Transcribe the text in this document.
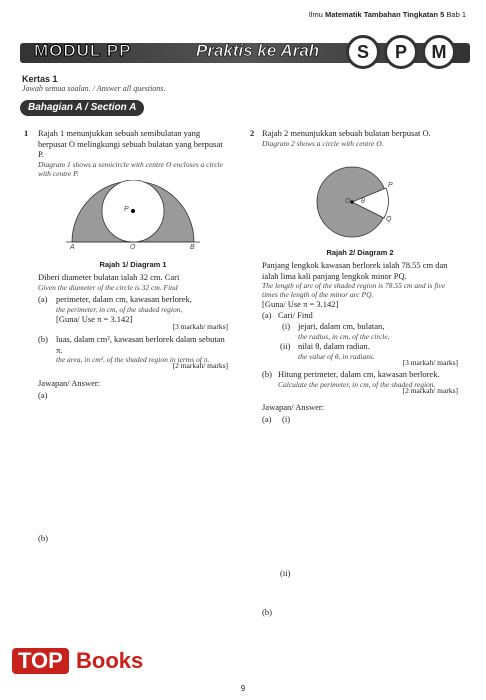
Ilmu Matematik Tambahan Tingkatan 5 Bab 1
MODUL PP	Praktis ke Arah	S	P	M
Kertas 1
Jawab semua soalan. / Answer all questions.
Bahagian A / Section A
1	Rajah 1 menunjukkan sebuah semibulatan yang berpusat O melingkungi sebuah bulatan yang berpusat P.
Diagram 1 shows a semicircle with centre O encloses a circle with centre P.
P
A	O	B
Rajah 1/ Diagram 1
Diberi diameter bulatan ialah 32 cm. Cari
Given the diameter of the circle is 32 cm. Find
(a)	perimeter, dalam cm, kawasan berlorek,
the perimeter, in cm, of the shaded region,
[Guna/ Use π = 3.142]
[3 markah/ marks]
(b) luas, dalam cm², kawasan berlorek dalam sebutan π.
the area, in cm², of the shaded region in terms of π.
[2 markah/ marks]
Jawapan/ Answer:
(a)
(b)
2 Rajah 2 menunjukkan sebuah bulatan berpusat O.
Diagram 2 shows a circle with centre O.
O θ
P
Q
Rajah 2/ Diagram 2
Panjang lengkok kawasan berlorek ialah 78.55 cm dan ialah lima kali panjang lengkok minor PQ.
The length of arc of the shaded region is 78.55 cm and is five times the length of the minor arc PQ.
[Guna/ Use π = 3.142]
(a) Cari/ Find
(i) jejari, dalam cm, bulatan,
the radius, in cm, of the circle,
(ii) nilai θ, dalam radian.
the value of θ, in radians.
[3 markah/ marks]
(b) Hitung perimeter, dalam cm, kawasan berlorek.
Calculate the perimeter, in cm, of the shaded region.
[2 markah/ marks]
Jawapan/ Answer:
(a) (i)
(ii)
(b)
TOP Books
9
